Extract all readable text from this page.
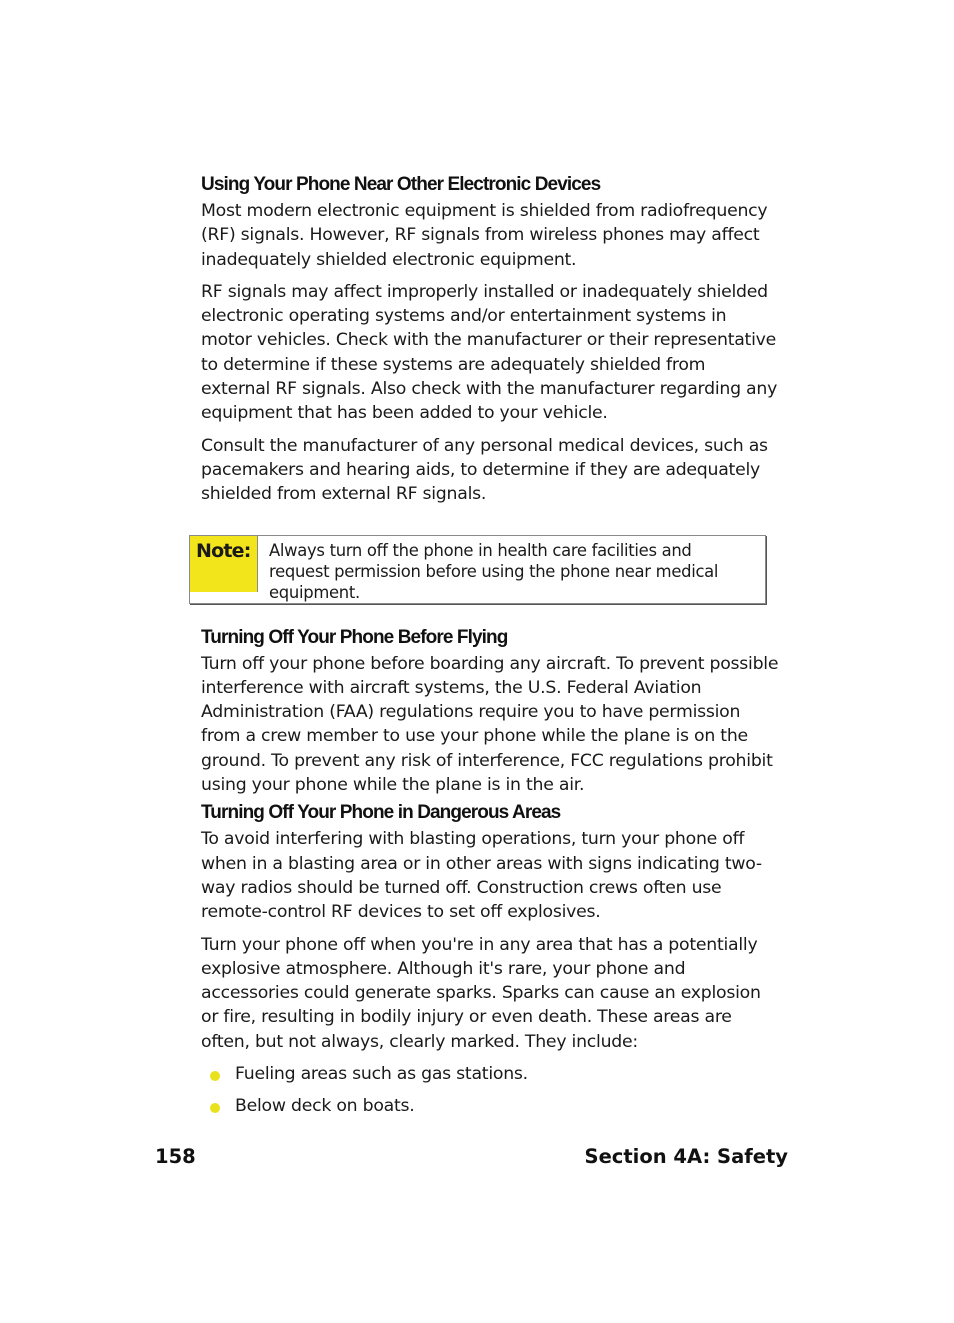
Using Your Phone Near Other Electronic Devices

Most modern electronic equipment is shielded from radiofrequency (RF) signals. However, RF signals from wireless phones may affect inadequately shielded electronic equipment.

RF signals may affect improperly installed or inadequately shielded electronic operating systems and/or entertainment systems in motor vehicles. Check with the manufacturer or their representative to determine if these systems are adequately shielded from external RF signals. Also check with the manufacturer regarding any equipment that has been added to your vehicle.

Consult the manufacturer of any personal medical devices, such as pacemakers and hearing aids, to determine if they are adequately shielded from external RF signals.

Note:	Always turn off the phone in health care facilities and request permission before using the phone near medical equipment.
Turning Off Your Phone Before Flying

Turn off your phone before boarding any aircraft. To prevent possible interference with aircraft systems, the U.S. Federal Aviation Administration (FAA) regulations require you to have permission from a crew member to use your phone while the plane is on the ground. To prevent any risk of interference, FCC regulations prohibit using your phone while the plane is in the air.

Turning Off Your Phone in Dangerous Areas

To avoid interfering with blasting operations, turn your phone off when in a blasting area or in other areas with signs indicating two-way radios should be turned off. Construction crews often use remote-control RF devices to set off explosives.

Turn your phone off when you're in any area that has a potentially explosive atmosphere. Although it's rare, your phone and accessories could generate sparks. Sparks can cause an explosion or fire, resulting in bodily injury or even death. These areas are often, but not always, clearly marked. They include:

Fueling areas such as gas stations.
Below deck on boats.
158	Section 4A: Safety
